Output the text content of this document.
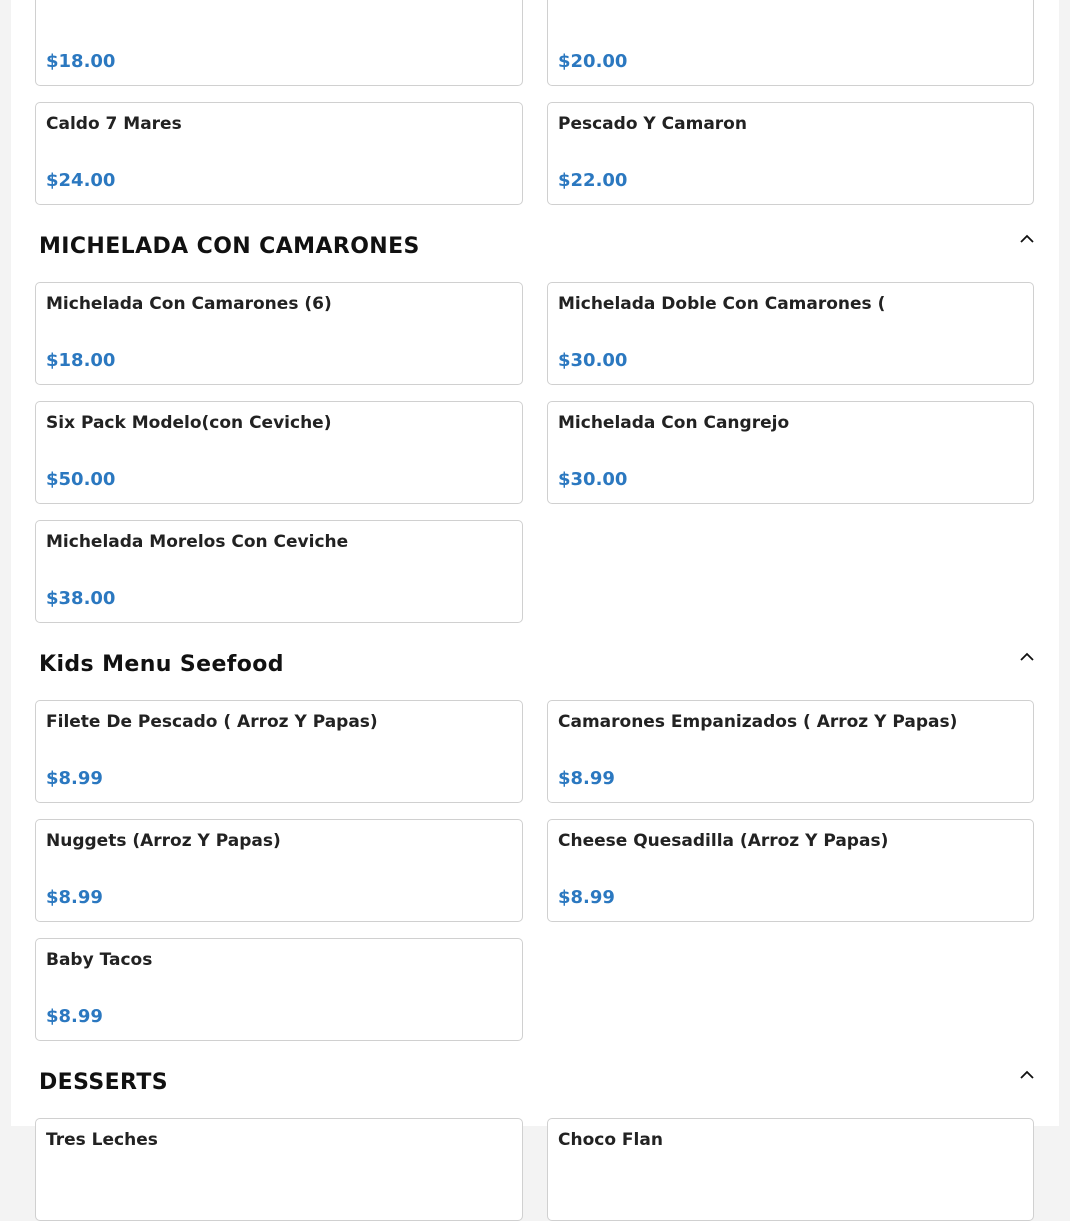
$18.00	$20.00
Caldo 7 Mares
$24.00
Pescado Y Camaron
$22.00
MICHELADA CON CAMARONES
Michelada Con Camarones (6)
$18.00
Michelada Doble Con Camarones (
$30.00
Six Pack Modelo(con Ceviche)
$50.00
Michelada Con Cangrejo
$30.00
Michelada Morelos Con Ceviche
$38.00
Kids Menu Seefood
Filete De Pescado ( Arroz Y Papas)
$8.99
Camarones Empanizados ( Arroz Y Papas)
$8.99
Nuggets (Arroz Y Papas)
$8.99
Cheese Quesadilla (Arroz Y Papas)
$8.99
Baby Tacos
$8.99
DESSERTS
Tres Leches	Choco Flan
